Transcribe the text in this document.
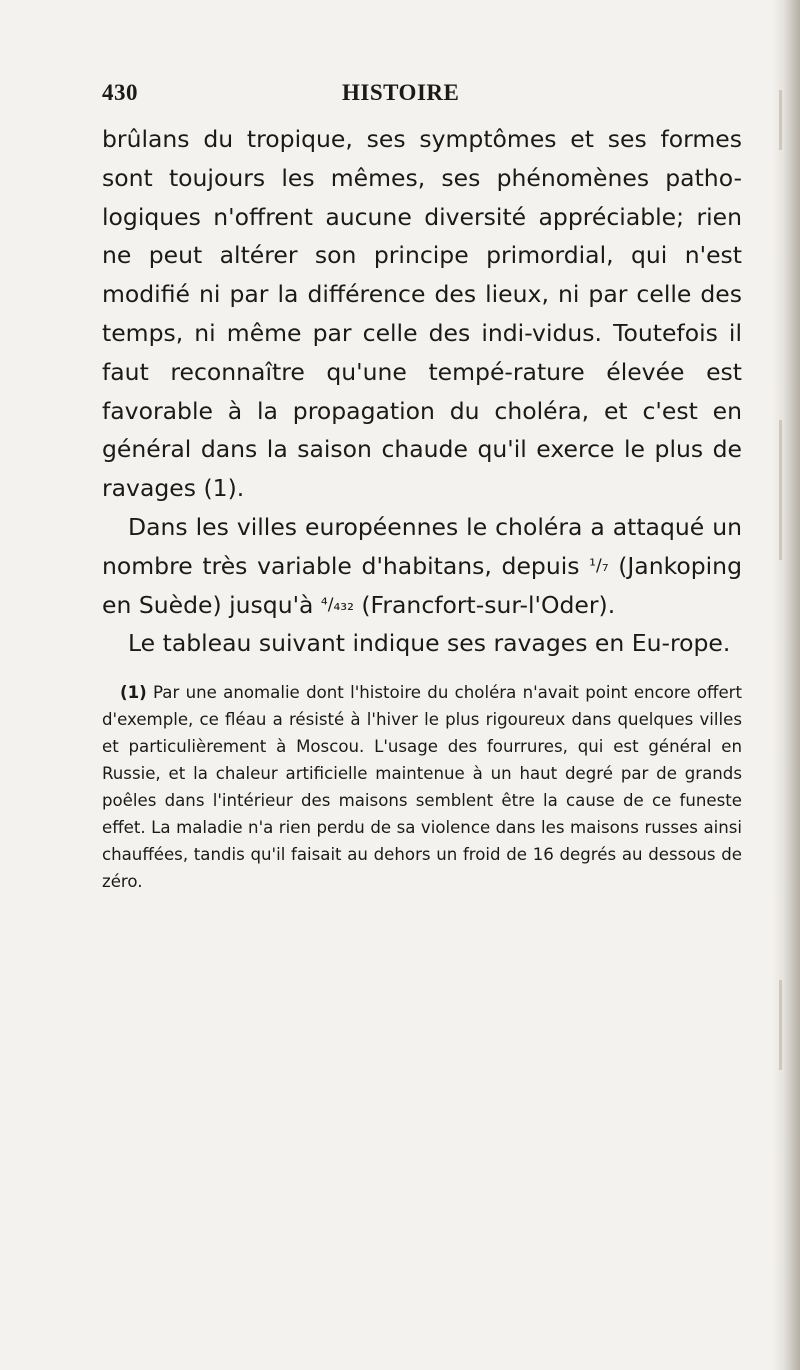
430	HISTOIRE

brûlans du tropique, ses symptômes et ses formes sont toujours les mêmes, ses phénomènes patho-logiques n'offrent aucune diversité appréciable; rien ne peut altérer son principe primordial, qui n'est modifié ni par la différence des lieux, ni par celle des temps, ni même par celle des indi-vidus. Toutefois il faut reconnaître qu'une tempé-rature élevée est favorable à la propagation du choléra, et c'est en général dans la saison chaude qu'il exerce le plus de ravages (1).

Dans les villes européennes le choléra a attaqué un nombre très variable d'habitans, depuis ¹/₇ (Jankoping en Suède) jusqu'à ⁴/₄₃₂ (Francfort-sur-l'Oder).

Le tableau suivant indique ses ravages en Eu-rope.

(1) Par une anomalie dont l'histoire du choléra n'avait point encore offert d'exemple, ce fléau a résisté à l'hiver le plus rigoureux dans quelques villes et particulièrement à Moscou. L'usage des fourrures, qui est général en Russie, et la chaleur artificielle maintenue à un haut degré par de grands poêles dans l'intérieur des maisons semblent être la cause de ce funeste effet. La maladie n'a rien perdu de sa violence dans les maisons russes ainsi chauffées, tandis qu'il faisait au dehors un froid de 16 degrés au dessous de zéro.
